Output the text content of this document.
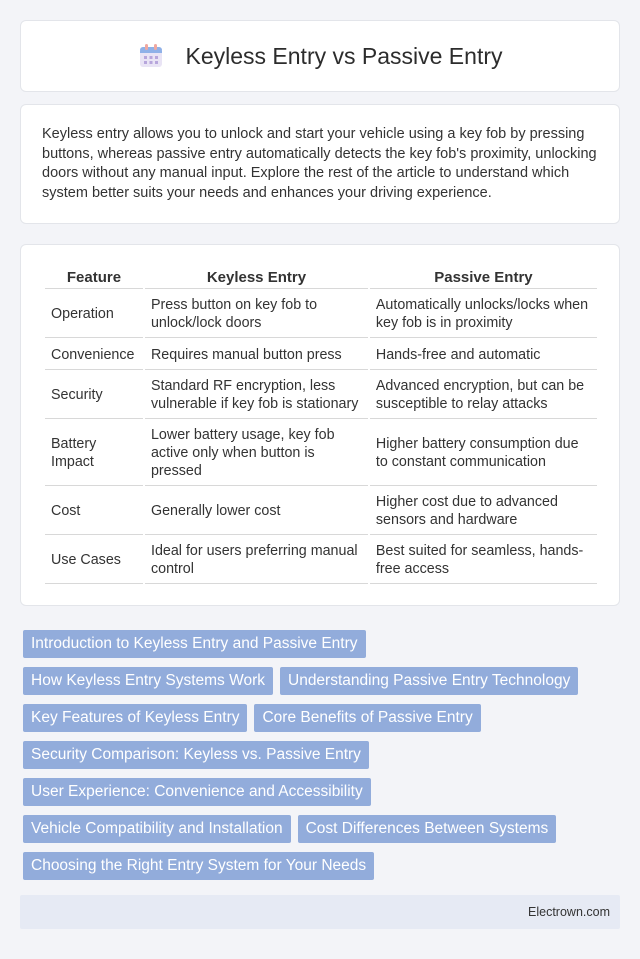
Keyless Entry vs Passive Entry

Keyless entry allows you to unlock and start your vehicle using a key fob by pressing buttons, whereas passive entry automatically detects the key fob's proximity, unlocking doors without any manual input. Explore the rest of the article to understand which system better suits your needs and enhances your driving experience.

Feature	Keyless Entry	Passive Entry
Operation	Press button on key fob to unlock/lock doors	Automatically unlocks/locks when key fob is in proximity
Convenience	Requires manual button press	Hands-free and automatic
Security	Standard RF encryption, less vulnerable if key fob is stationary	Advanced encryption, but can be susceptible to relay attacks
Battery Impact	Lower battery usage, key fob active only when button is pressed	Higher battery consumption due to constant communication
Cost	Generally lower cost	Higher cost due to advanced sensors and hardware
Use Cases	Ideal for users preferring manual control	Best suited for seamless, hands-free access
Introduction to Keyless Entry and Passive Entry
How Keyless Entry Systems Work	Understanding Passive Entry Technology
Key Features of Keyless Entry	Core Benefits of Passive Entry
Security Comparison: Keyless vs. Passive Entry
User Experience: Convenience and Accessibility
Vehicle Compatibility and Installation	Cost Differences Between Systems
Choosing the Right Entry System for Your Needs
Electrown.com
